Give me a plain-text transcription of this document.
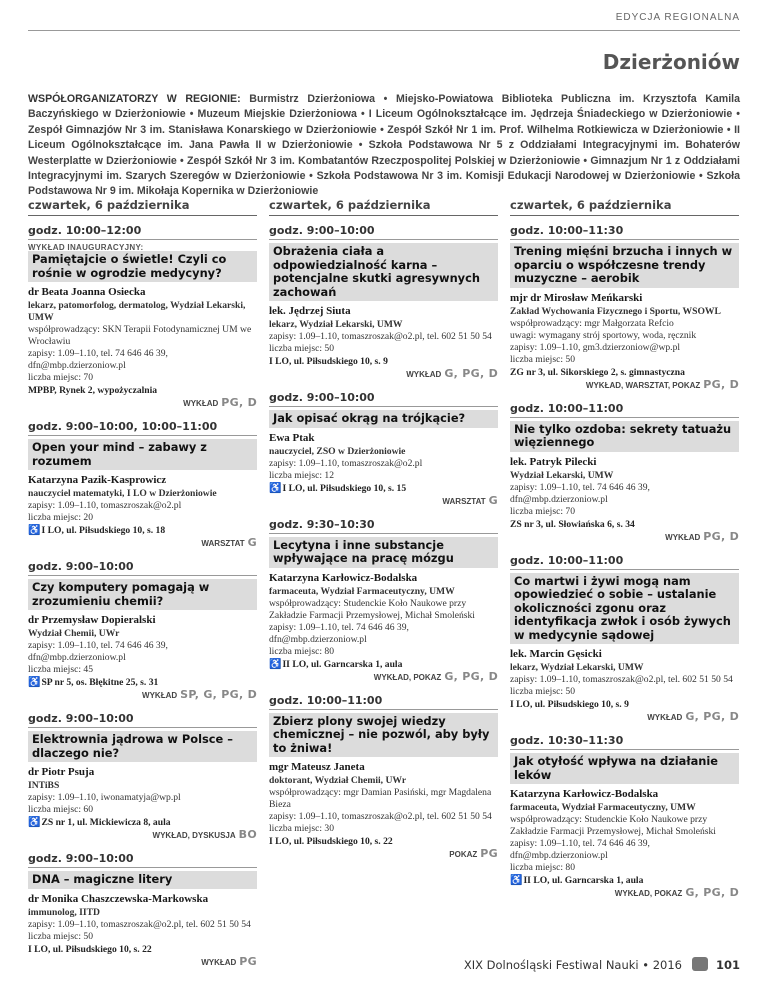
EDYCJA REGIONALNA
Dzierżoniów
WSPÓŁORGANIZATORZY W REGIONIE: Burmistrz Dzierżoniowa • Miejsko-Powiatowa Biblioteka Publiczna im. Krzysztofa Kamila Baczyńskiego w Dzierżoniowie • Muzeum Miejskie Dzierżoniowa • I Liceum Ogólnokształcące im. Jędrzeja Śniadeckiego w Dzierżoniowie • Zespół Gimnazjów Nr 3 im. Stanisława Konarskiego w Dzierżoniowie • Zespół Szkół Nr 1 im. Prof. Wilhelma Rotkiewicza w Dzierżoniowie • II Liceum Ogólnokształcące im. Jana Pawła II w Dzierżoniowie • Szkoła Podstawowa Nr 5 z Oddziałami Integracyjnymi im. Bohaterów Westerplatte w Dzierżoniowie • Zespół Szkół Nr 3 im. Kombatantów Rzeczpospolitej Polskiej w Dzierżoniowie • Gimnazjum Nr 1 z Oddziałami Integracyjnymi im. Szarych Szeregów w Dzierżoniowie • Szkoła Podstawowa Nr 3 im. Komisji Edukacji Narodowej w Dzierżoniowie • Szkoła Podstawowa Nr 9 im. Mikołaja Kopernika w Dzierżoniowie
czwartek, 6 października
godz. 10:00–12:00
WYKŁAD INAUGURACYJNY:
Pamiętajcie o świetle! Czyli co rośnie w ogrodzie medycyny?
dr Beata Joanna Osiecka
lekarz, patomorfolog, dermatolog, Wydział Lekarski, UMW
współprowadzący: SKN Terapii Fotodynamicznej UM we Wrocławiu
zapisy: 1.09–1.10, tel. 74 646 46 39, dfn@mbp.dzierzoniow.pl
liczba miejsc: 70
MPBP, Rynek 2, wypożyczalnia
WYKŁAD PG, D
godz. 9:00–10:00, 10:00–11:00
Open your mind – zabawy z rozumem
Katarzyna Pazik-Kasprowicz
nauczyciel matematyki, I LO w Dzierżoniowie
zapisy: 1.09–1.10, tomaszroszak@o2.pl
liczba miejsc: 20
♿I LO, ul. Piłsudskiego 10, s. 18
WARSZTAT G
godz. 9:00–10:00
Czy komputery pomagają w zrozumieniu chemii?
dr Przemysław Dopieralski
Wydział Chemii, UWr
zapisy: 1.09–1.10, tel. 74 646 46 39, dfn@mbp.dzierzoniow.pl
liczba miejsc: 45
♿SP nr 5, os. Błękitne 25, s. 31
WYKŁAD SP, G, PG, D
godz. 9:00–10:00
Elektrownia jądrowa w Polsce – dlaczego nie?
dr Piotr Psuja
INTiBS
zapisy: 1.09–1.10, iwonamatyja@wp.pl
liczba miejsc: 60
♿ZS nr 1, ul. Mickiewicza 8, aula
WYKŁAD, DYSKUSJA BO
godz. 9:00–10:00
DNA – magiczne litery
dr Monika Chaszczewska-Markowska
immunolog, IITD
zapisy: 1.09–1.10, tomaszroszak@o2.pl, tel. 602 51 50 54
liczba miejsc: 50
I LO, ul. Piłsudskiego 10, s. 22
WYKŁAD PG
czwartek, 6 października
godz. 9:00–10:00
Obrażenia ciała a odpowiedzialność karna – potencjalne skutki agresywnych zachowań
lek. Jędrzej Siuta
lekarz, Wydział Lekarski, UMW
zapisy: 1.09–1.10, tomaszroszak@o2.pl, tel. 602 51 50 54
liczba miejsc: 50
I LO, ul. Piłsudskiego 10, s. 9
WYKŁAD G, PG, D
godz. 9:00–10:00
Jak opisać okrąg na trójkącie?
Ewa Ptak
nauczyciel, ZSO w Dzierżoniowie
zapisy: 1.09–1.10, tomaszroszak@o2.pl
liczba miejsc: 12
♿I LO, ul. Piłsudskiego 10, s. 15
WARSZTAT G
godz. 9:30–10:30
Lecytyna i inne substancje wpływające na pracę mózgu
Katarzyna Karłowicz-Bodalska
farmaceuta, Wydział Farmaceutyczny, UMW
współprowadzący: Studenckie Koło Naukowe przy Zakładzie Farmacji Przemysłowej, Michał Smoleński
zapisy: 1.09–1.10, tel. 74 646 46 39, dfn@mbp.dzierzoniow.pl
liczba miejsc: 80
♿II LO, ul. Garncarska 1, aula
WYKŁAD, POKAZ G, PG, D
godz. 10:00–11:00
Zbierz plony swojej wiedzy chemicznej – nie pozwól, aby były to żniwa!
mgr Mateusz Janeta
doktorant, Wydział Chemii, UWr
współprowadzący: mgr Damian Pasiński, mgr Magdalena Bieza
zapisy: 1.09–1.10, tomaszroszak@o2.pl, tel. 602 51 50 54
liczba miejsc: 30
I LO, ul. Piłsudskiego 10, s. 22
POKAZ PG
czwartek, 6 października
godz. 10:00–11:30
Trening mięśni brzucha i innych w oparciu o współczesne trendy muzyczne – aerobik
mjr dr Mirosław Meńkarski
Zakład Wychowania Fizycznego i Sportu, WSOWL
współprowadzący: mgr Małgorzata Refcio
uwagi: wymagany strój sportowy, woda, ręcznik
zapisy: 1.09–1.10, gm3.dzierzoniow@wp.pl
liczba miejsc: 50
ZG nr 3, ul. Sikorskiego 2, s. gimnastyczna
WYKŁAD, WARSZTAT, POKAZ PG, D
godz. 10:00–11:00
Nie tylko ozdoba: sekrety tatuażu więziennego
lek. Patryk Pilecki
Wydział Lekarski, UMW
zapisy: 1.09–1.10, tel. 74 646 46 39, dfn@mbp.dzierzoniow.pl
liczba miejsc: 70
ZS nr 3, ul. Słowiańska 6, s. 34
WYKŁAD PG, D
godz. 10:00–11:00
Co martwi i żywi mogą nam opowiedzieć o sobie – ustalanie okoliczności zgonu oraz identyfikacja zwłok i osób żywych w medycynie sądowej
lek. Marcin Gęsicki
lekarz, Wydział Lekarski, UMW
zapisy: 1.09–1.10, tomaszroszak@o2.pl, tel. 602 51 50 54
liczba miejsc: 50
I LO, ul. Piłsudskiego 10, s. 9
WYKŁAD G, PG, D
godz. 10:30–11:30
Jak otyłość wpływa na działanie leków
Katarzyna Karłowicz-Bodalska
farmaceuta, Wydział Farmaceutyczny, UMW
współprowadzący: Studenckie Koło Naukowe przy Zakładzie Farmacji Przemysłowej, Michał Smoleński
zapisy: 1.09–1.10, tel. 74 646 46 39, dfn@mbp.dzierzoniow.pl
liczba miejsc: 80
♿II LO, ul. Garncarska 1, aula
WYKŁAD, POKAZ G, PG, D
XIX Dolnośląski Festiwal Nauki • 2016	101
